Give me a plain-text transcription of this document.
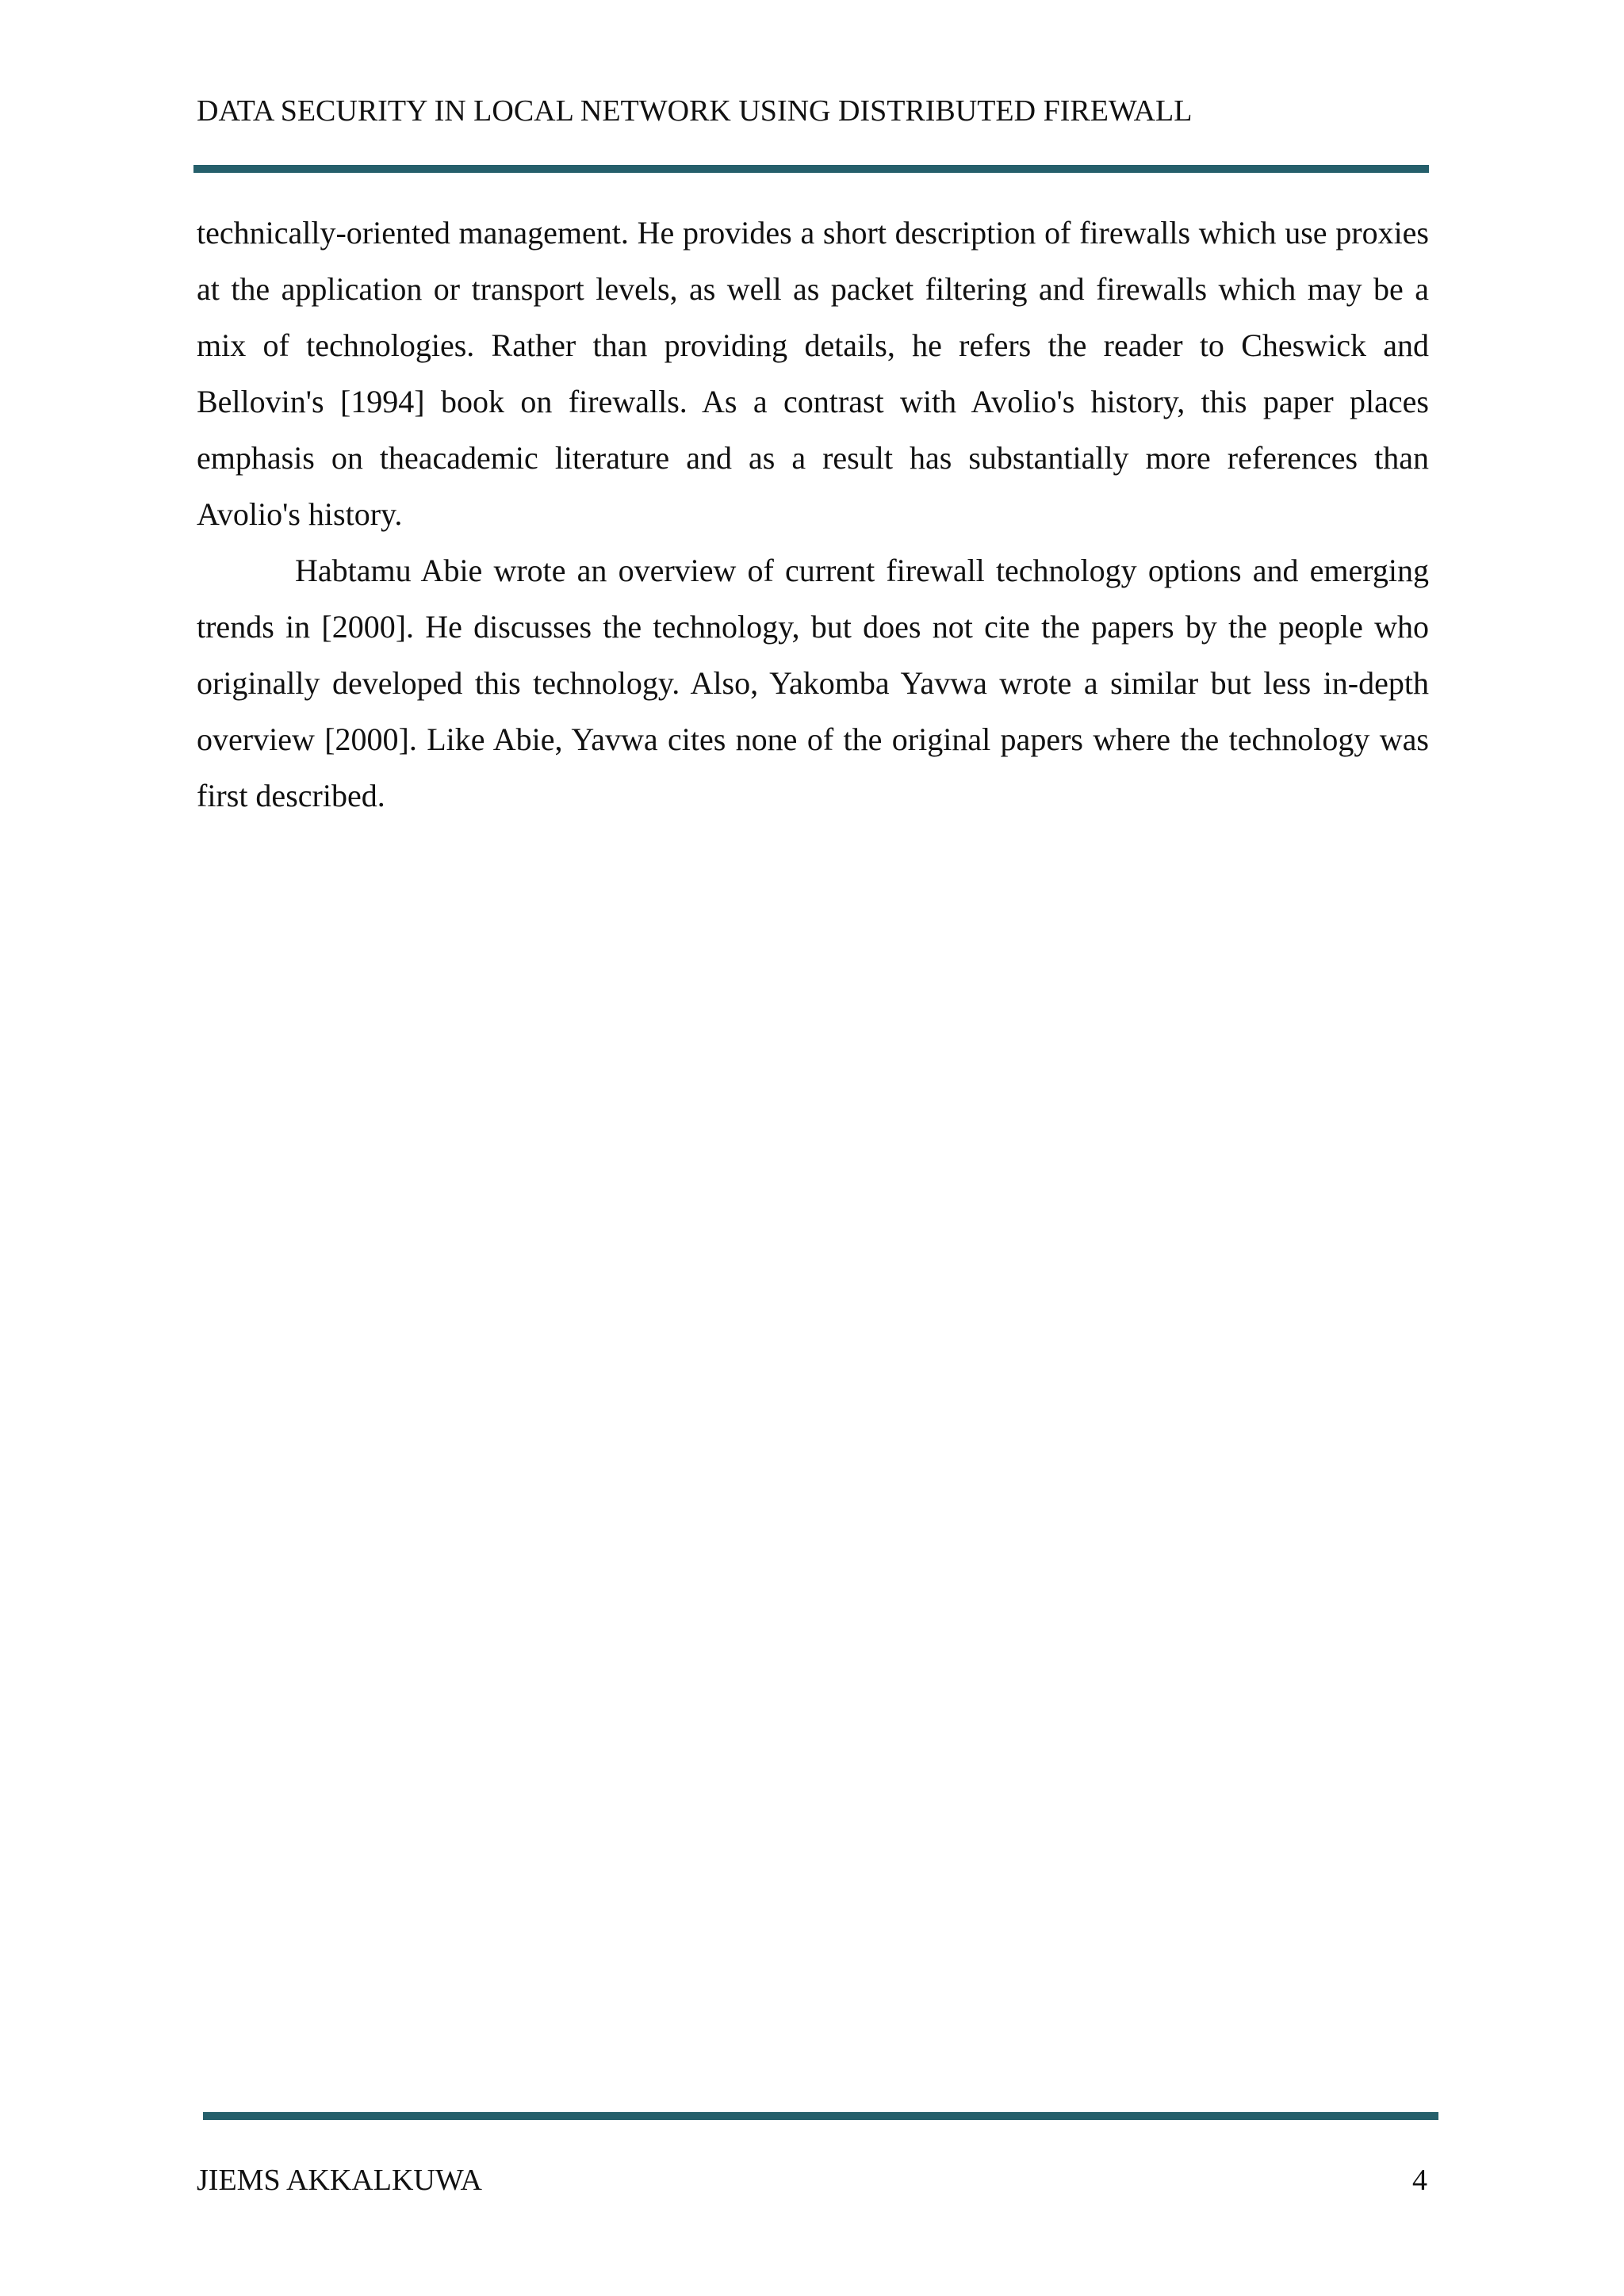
DATA SECURITY IN LOCAL NETWORK USING DISTRIBUTED FIREWALL

technically-oriented management. He provides a short description of firewalls which use proxies at the application or transport levels, as well as packet filtering and firewalls which may be a mix of technologies. Rather than providing details, he refers the reader to Cheswick and Bellovin's [1994] book on firewalls. As a contrast with Avolio's history, this paper places emphasis on theacademic literature and as a result has substantially more references than Avolio's history.

Habtamu Abie wrote an overview of current firewall technology options and emerging trends in [2000]. He discusses the technology, but does not cite the papers by the people who originally developed this technology. Also, Yakomba Yavwa wrote a similar but less in-depth overview [2000]. Like Abie, Yavwa cites none of the original papers where the technology was first described.

JIEMS AKKALKUWA	4
